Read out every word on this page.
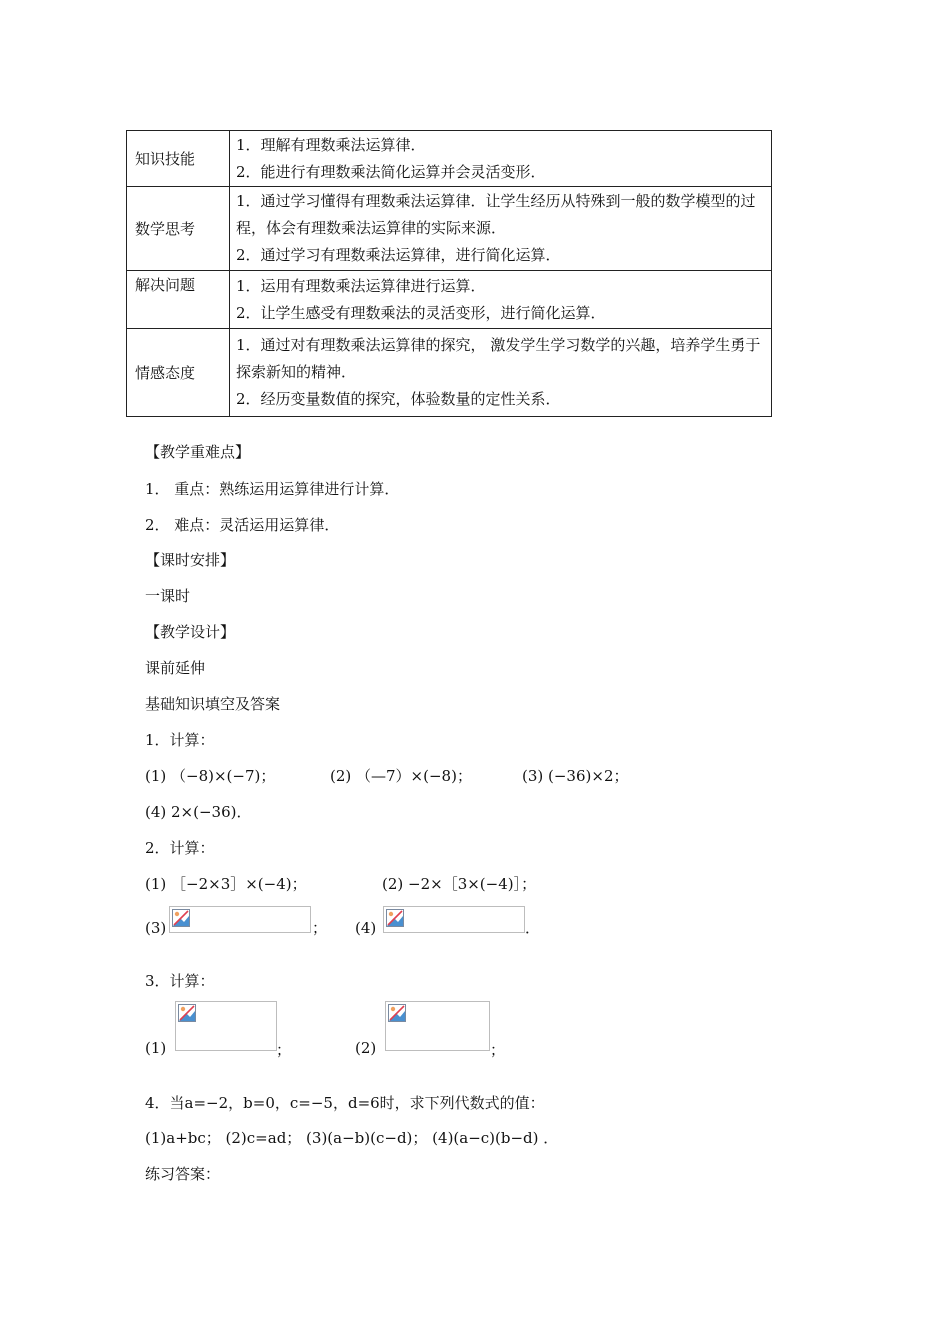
知识技能	1．理解有理数乘法运算律．
2．能进行有理数乘法简化运算并会灵活变形．

数学思考	1．通过学习懂得有理数乘法运算律．让学生经历从特殊到一般的数学模型的过程，体会有理数乘法运算律的实际来源．
2．通过学习有理数乘法运算律，进行简化运算．

解决问题	1．运用有理数乘法运算律进行运算．
2．让学生感受有理数乘法的灵活变形，进行简化运算．

情感态度	1．通过对有理数乘法运算律的探究， 激发学生学习数学的兴趣，培养学生勇于探索新知的精神．
2．经历变量数值的探究，体验数量的定性关系．
【教学重难点】
1． 重点：熟练运用运算律进行计算．
2． 难点：灵活运用运算律．
【课时安排】
一课时
【教学设计】
课前延伸
基础知识填空及答案
1．计算：
(1) （−8)×(−7)；	(2) （—7）×(−8)；	(3) (−36)×2；
(4) 2×(−36)．
2．计算：
(1) ［−2×3］×(−4)；	(2) −2×［3×(−4)］；
(3)	； (4)	．
3．计算：
(1)	；	(2)	；
4．当a=−2，b=0，c=−5，d=6时，求下列代数式的值：
(1)a+bc； (2)c=ad； (3)(a−b)(c−d)； (4)(a−c)(b−d) ．
练习答案：
